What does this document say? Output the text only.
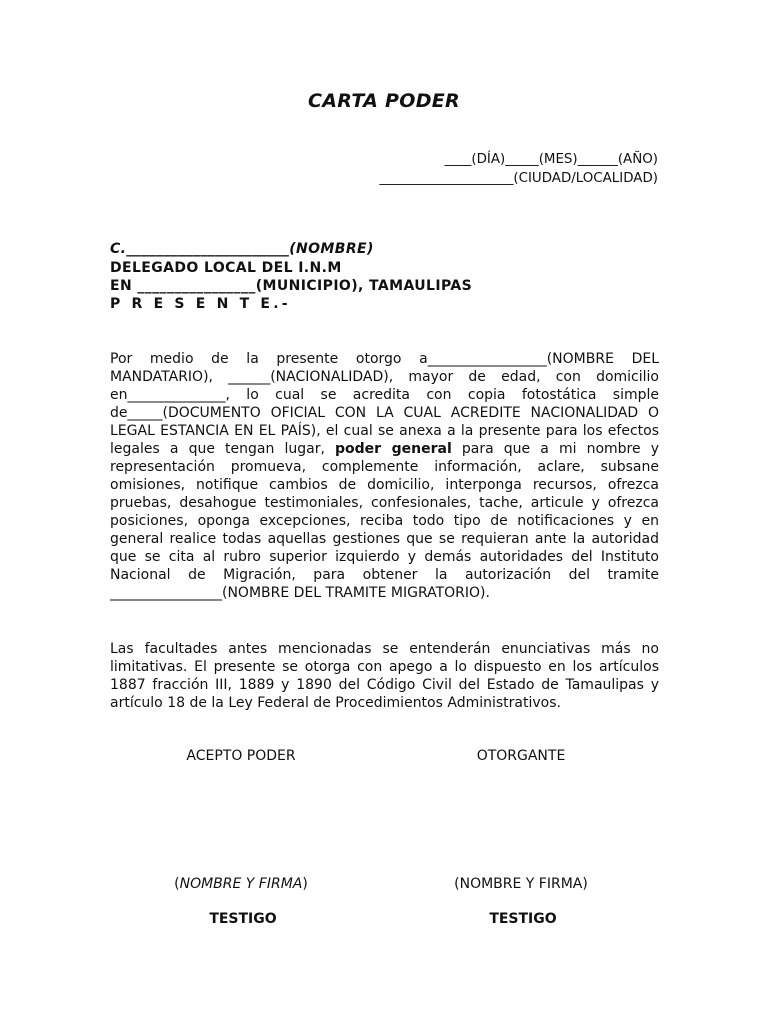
CARTA PODER
____(DÍA)_____(MES)______(AÑO)
____________________(CIUDAD/LOCALIDAD)
C.______________________(NOMBRE)
DELEGADO LOCAL DEL I.N.M
EN ________________(MUNICIPIO), TAMAULIPAS
P R E S E N T E.-

Por medio de la presente otorgo a_________________(NOMBRE DEL MANDATARIO), ______(NACIONALIDAD), mayor de edad, con domicilio en______________, lo cual se acredita con copia fotostática simple de_____(DOCUMENTO OFICIAL CON LA CUAL ACREDITE NACIONALIDAD O LEGAL ESTANCIA EN EL PAÍS), el cual se anexa a la presente para los efectos legales a que tengan lugar, poder general para que a mi nombre y representación promueva, complemente información, aclare, subsane omisiones, notifique cambios de domicilio, interponga recursos, ofrezca pruebas, desahogue testimoniales, confesionales, tache, articule y ofrezca posiciones, oponga excepciones, reciba todo tipo de notificaciones y en general realice todas aquellas gestiones que se requieran ante la autoridad que se cita al rubro superior izquierdo y demás autoridades del Instituto Nacional de Migración, para obtener la autorización del tramite ________________(NOMBRE DEL TRAMITE MIGRATORIO).

Las facultades antes mencionadas se entenderán enunciativas más no limitativas. El presente se otorga con apego a lo dispuesto en los artículos 1887 fracción III, 1889 y 1890 del Código Civil del Estado de Tamaulipas y artículo 18 de la Ley Federal de Procedimientos Administrativos.

ACEPTO PODER	OTORGANTE
(NOMBRE Y FIRMA)	(NOMBRE Y FIRMA)
TESTIGO	TESTIGO
